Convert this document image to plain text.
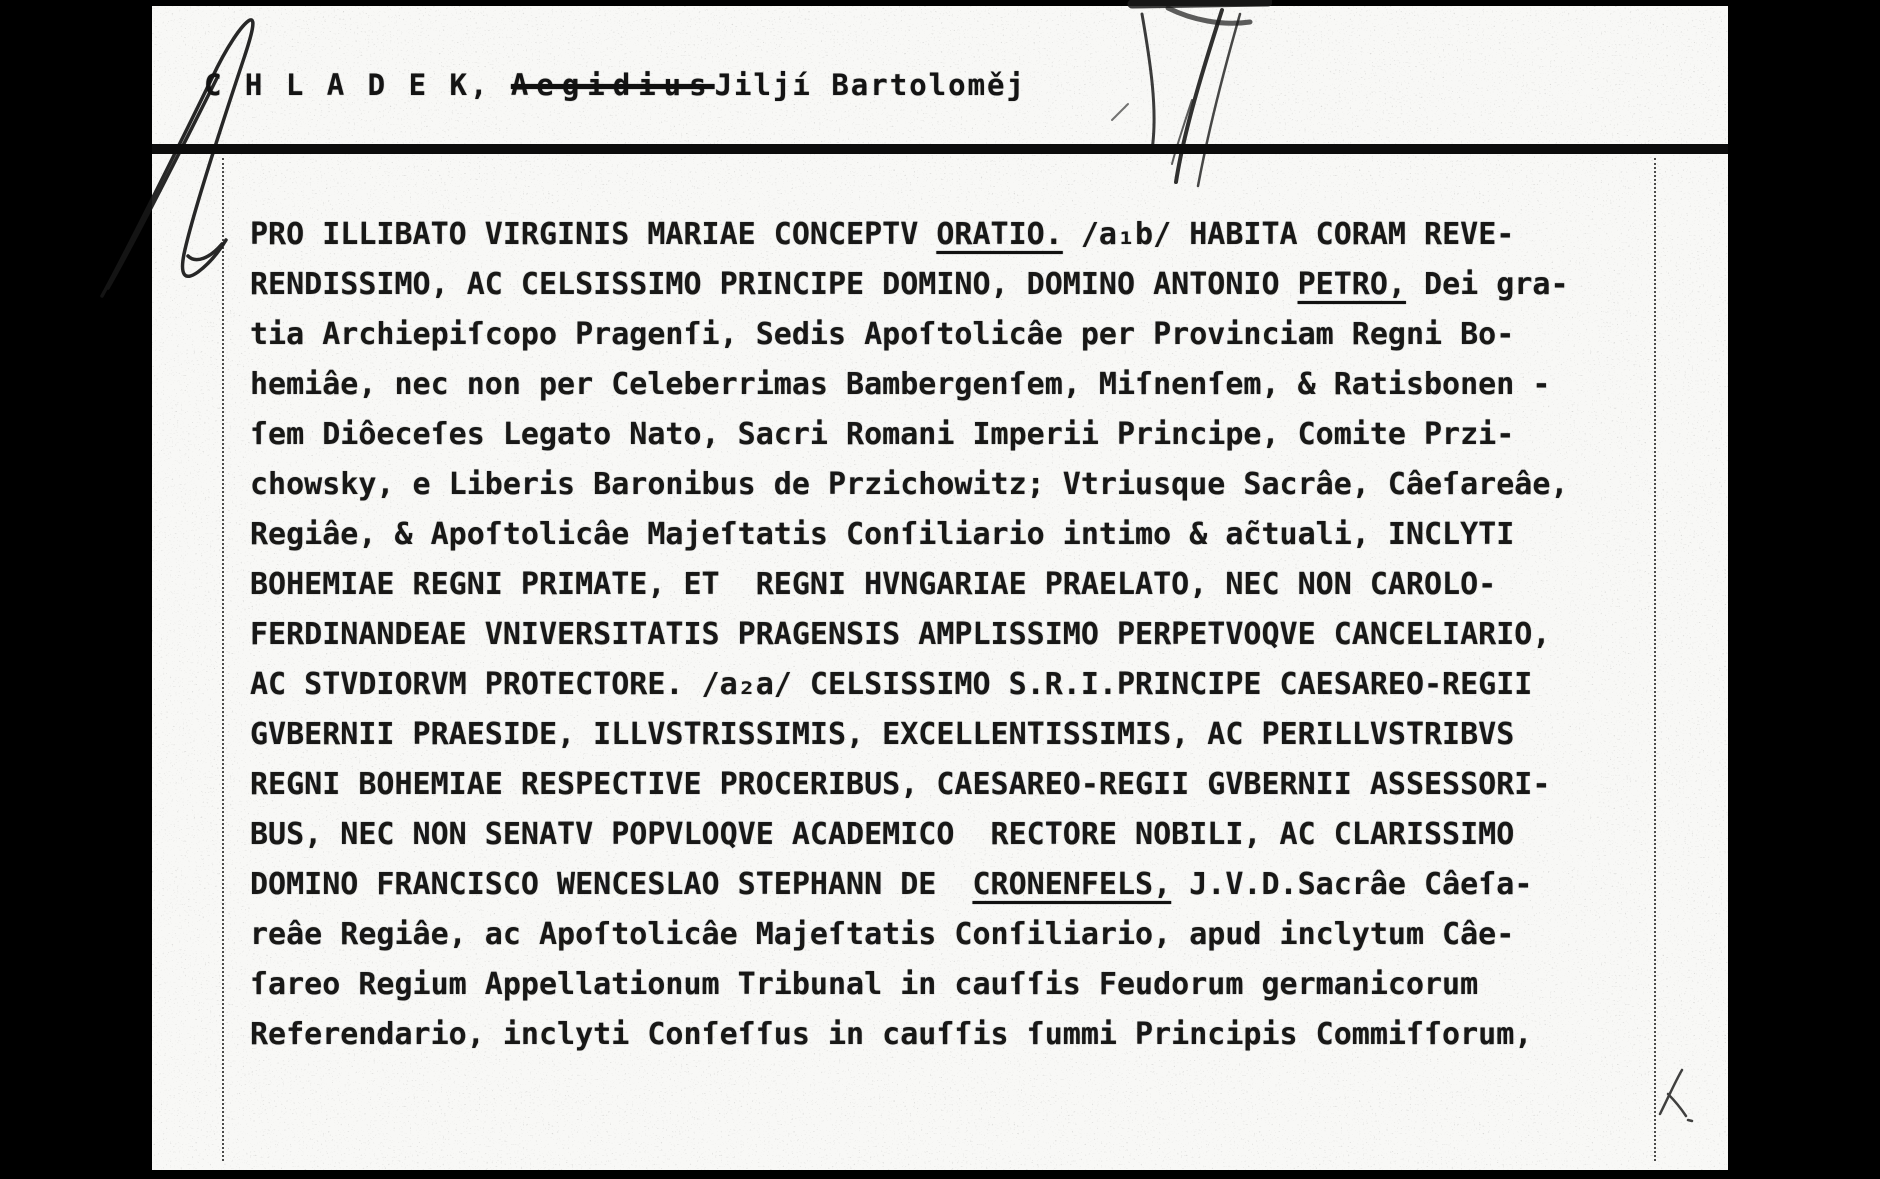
C H L A D E K, AegidiusJiljí Bartoloměj
PRO ILLIBATO VIRGINIS MARIAE CONCEPTV ORATIO. /a₁b/ HABITA CORAM REVE-
RENDISSIMO, AC CELSISSIMO PRINCIPE DOMINO, DOMINO ANTONIO PETRO, Dei gra-
tia Archiepiſcopo Pragenſi, Sedis Apoſtolicâe per Provinciam Regni Bo-
hemiâe, nec non per Celeberrimas Bambergenſem, Miſnenſem, & Ratisbonen -
ſem Diôeceſes Legato Nato, Sacri Romani Imperii Principe, Comite Przi-
chowsky, e Liberis Baronibus de Przichowitz; Vtriusque Sacrâe, Câeſareâe,
Regiâe, & Apoſtolicâe Majeſtatis Conſiliario intimo & ac̃tuali, INCLYTI
BOHEMIAE REGNI PRIMATE, ET  REGNI HVNGARIAE PRAELATO, NEC NON CAROLO-
FERDINANDEAE VNIVERSITATIS PRAGENSIS AMPLISSIMO PERPETVOQVE CANCELIARIO,
AC STVDIORVM PROTECTORE. /a₂a/ CELSISSIMO S.R.I.PRINCIPE CAESAREO-REGII
GVBERNII PRAESIDE, ILLVSTRISSIMIS, EXCELLENTISSIMIS, AC PERILLVSTRIBVS
REGNI BOHEMIAE RESPECTIVE PROCERIBUS, CAESAREO-REGII GVBERNII ASSESSORI-
BUS, NEC NON SENATV POPVLOQVE ACADEMICO  RECTORE NOBILI, AC CLARISSIMO
DOMINO FRANCISCO WENCESLAO STEPHANN DE  CRONENFELS, J.V.D.Sacrâe Câeſa-
reâe Regiâe, ac Apoſtolicâe Majeſtatis Conſiliario, apud inclytum Câe-
ſareo Regium Appellationum Tribunal in cauſſis Feudorum germanicorum
Referendario, inclyti Conſeſſus in cauſſis ſummi Principis Commiſſorum,
